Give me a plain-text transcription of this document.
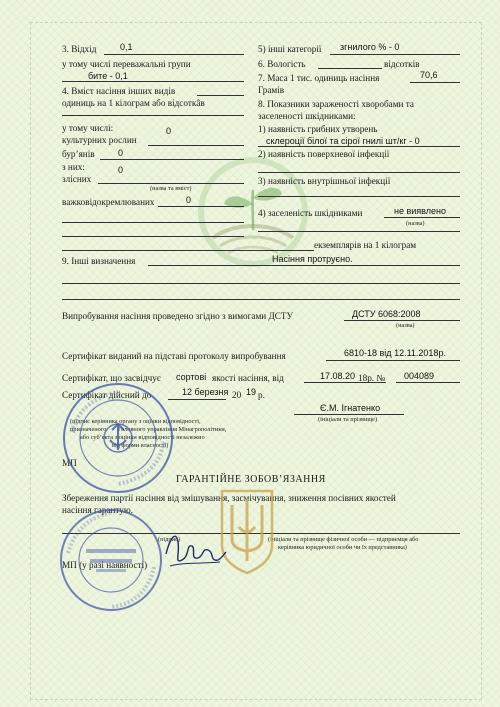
3. Відхід	0,1
у тому числі переважальні групи
бите - 0,1
4. Вміст насіння інших видів
одиниць на 1 кілограм або відсоткâв
у тому числі:
культурних рослин
0
бур’янів	0
з них:
злісних
0
(назва та вміст)
важковідокремлюваних	0
5) інші категорії згнилого % - 0
6. Вологість	відсотків
7. Маса 1 тис. одиниць насіння	70,6
Грамів
8. Показники зараженості хворобами та
заселеності шкідниками:
1) наявність грибних утворень
склероції білої та сірої гнилі шт/кг - 0
2) наявність поверхневої інфекції
3) наявність внутрішньої інфекції
4) заселеність шкідниками	не виявлено
(назва)
екземплярів на 1 кілограм
9. Інші визначення	Насіння протруєно.
Випробування насіння проведено згідно з вимогами ДСТУ	ДСТУ 6068:2008
(назва)
Сертифікат виданий на підставі протоколу випробування	6810-18 від 12.11.2018р.
Сертифікат, що засвідчує сортові якості насіння, від	17.08.20 18р. № 004089
Сертифікат дійсний до	12 березня 20 19 р.
Є.М. Ігнатенко
(ініціали та прізвище)
(підпис керівника органу з оцінки відповідності,
призначеного Головного управління Мінагрополітики,
або суб’єкта з оцінки відповідності незалежно
від форми власності)
МП
ГАРАНТІЙНЕ ЗОБОВ’ЯЗАННЯ
Збереження партії насіння від змішування, засмічування, зниження посівних якостей
насіння гарантую.
(підпис)	(ініціали та прізвище фізичної особи — підприємця або
керівника юридичної особи чи їх представника)
МП (у разі наявності)
